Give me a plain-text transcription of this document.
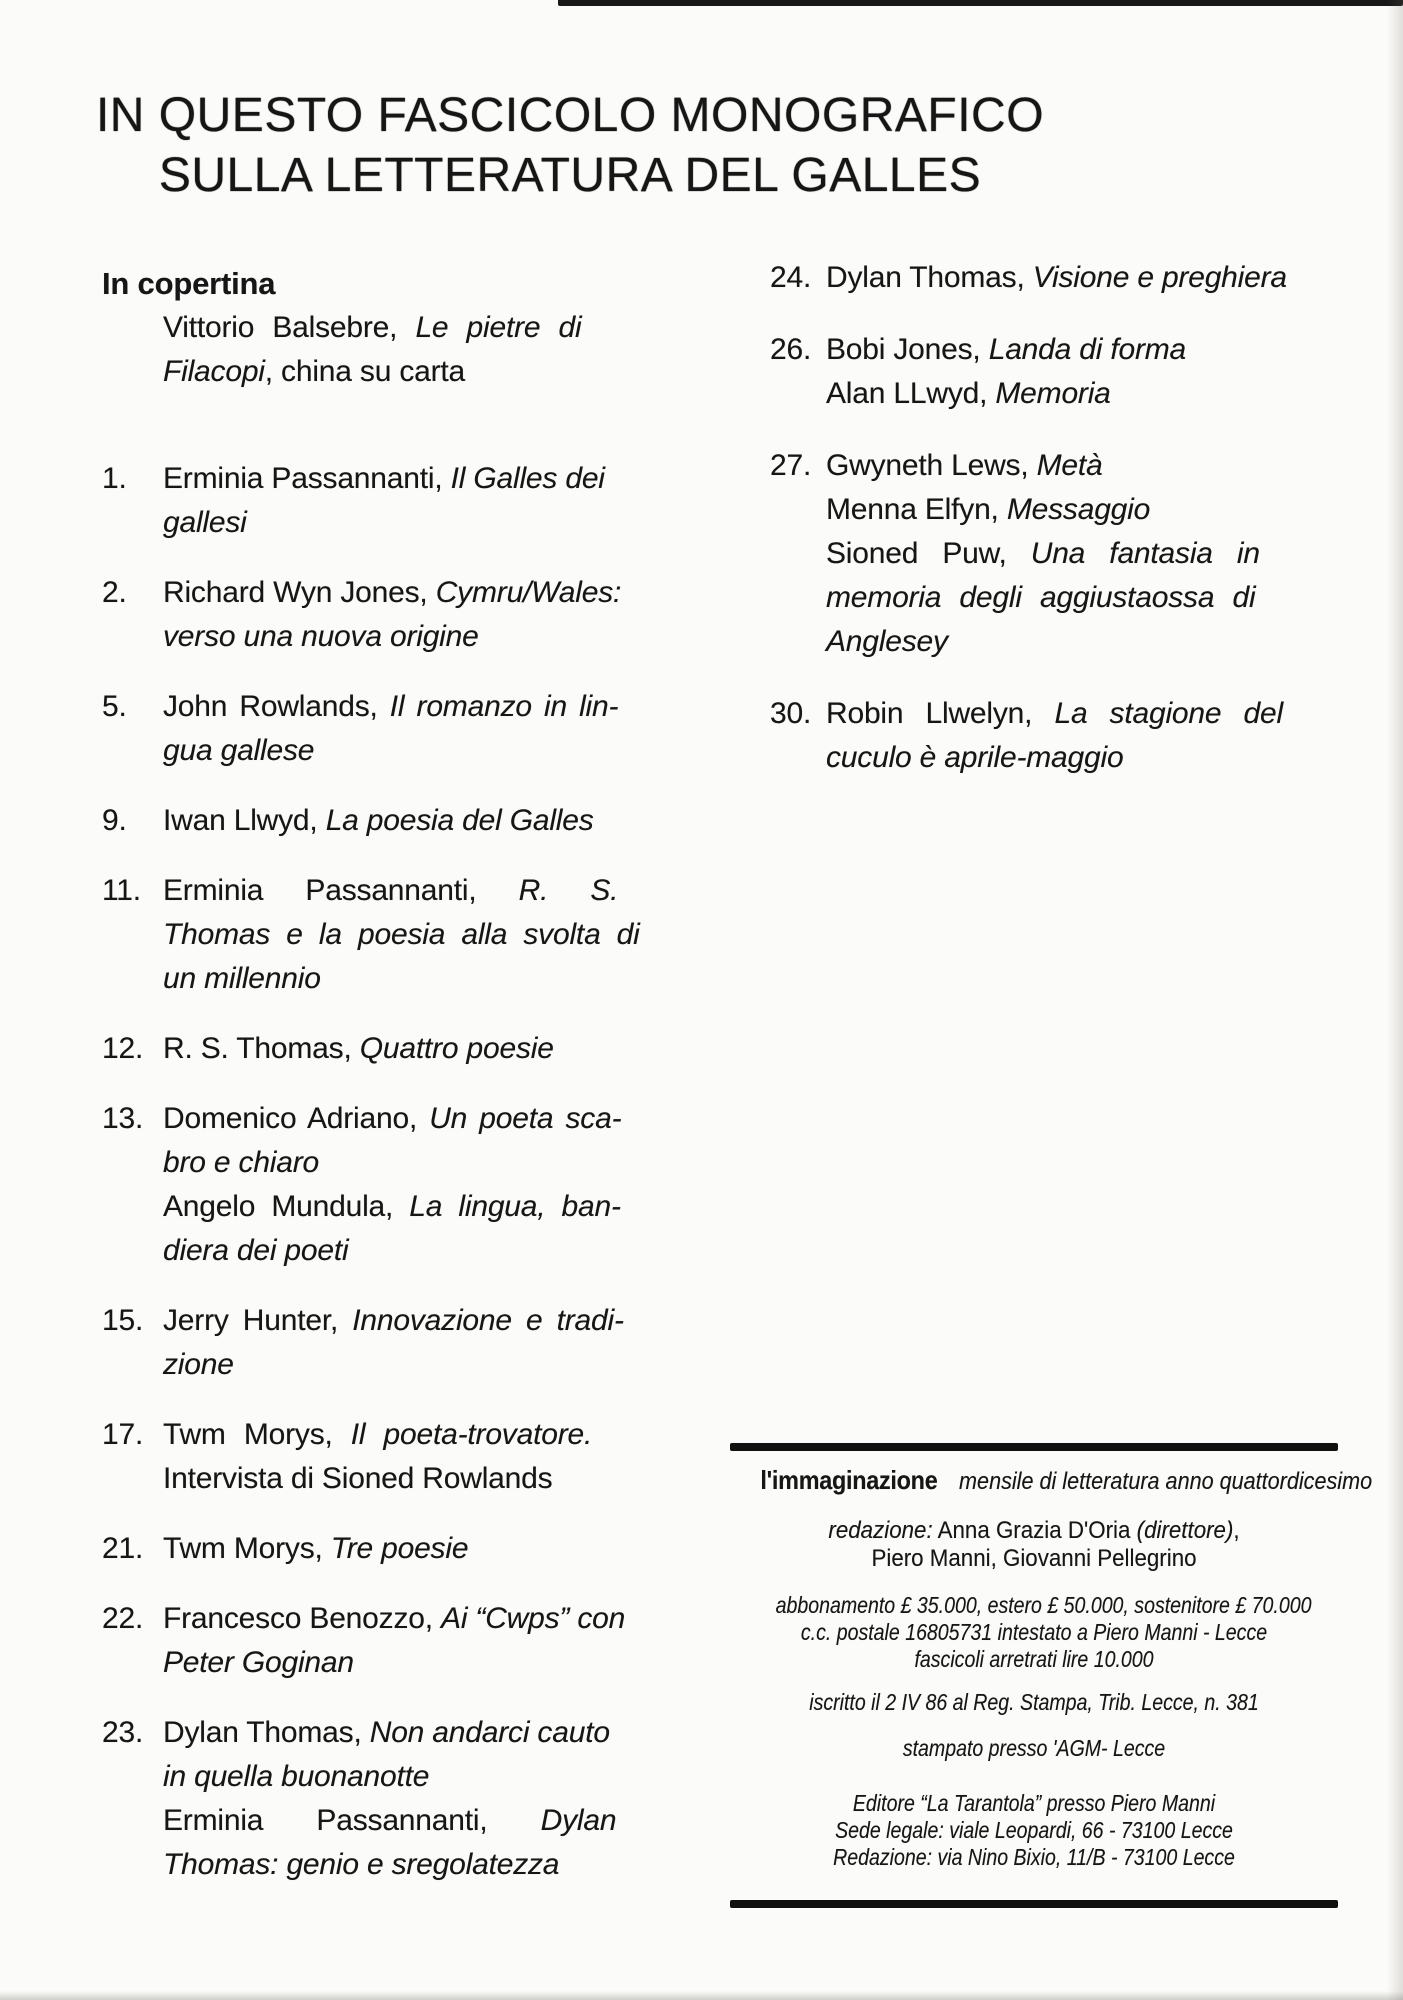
IN QUESTO FASCICOLO MONOGRAFICO
SULLA LETTERATURA DEL GALLES
In copertina
Vittorio Balsebre, Le pietre di
Filacopi, china su carta
1. Erminia Passannanti, Il Galles dei
gallesi
2. Richard Wyn Jones, Cymru/Wales:
verso una nuova origine
5. John Rowlands, Il romanzo in lin-
gua gallese
9. Iwan Llwyd, La poesia del Galles
11. Erminia Passannanti, R. S.
Thomas e la poesia alla svolta di
un millennio
12. R. S. Thomas, Quattro poesie
13. Domenico Adriano, Un poeta sca-
bro e chiaro
Angelo Mundula, La lingua, ban-
diera dei poeti
15. Jerry Hunter, Innovazione e tradi-
zione
17. Twm Morys, Il poeta-trovatore.
Intervista di Sioned Rowlands
21. Twm Morys, Tre poesie
22. Francesco Benozzo, Ai “Cwps” con
Peter Goginan
23. Dylan Thomas, Non andarci cauto
in quella buonanotte
Erminia Passannanti, Dylan
Thomas: genio e sregolatezza
24. Dylan Thomas, Visione e preghiera
26. Bobi Jones, Landa di forma
Alan LLwyd, Memoria
27. Gwyneth Lews, Metà
Menna Elfyn, Messaggio
Sioned Puw, Una fantasia in
memoria degli aggiustaossa di
Anglesey
30. Robin Llwelyn, La stagione del
cuculo è aprile-maggio
l'immaginazione mensile di letteratura anno quattordicesimo
redazione: Anna Grazia D'Oria (direttore),
Piero Manni, Giovanni Pellegrino
abbonamento £ 35.000, estero £ 50.000, sostenitore £ 70.000
c.c. postale 16805731 intestato a Piero Manni - Lecce
fascicoli arretrati lire 10.000
iscritto il 2 IV 86 al Reg. Stampa, Trib. Lecce, n. 381
stampato presso 'AGM- Lecce
Editore “La Tarantola” presso Piero Manni
Sede legale: viale Leopardi, 66 - 73100 Lecce
Redazione: via Nino Bixio, 11/B - 73100 Lecce
